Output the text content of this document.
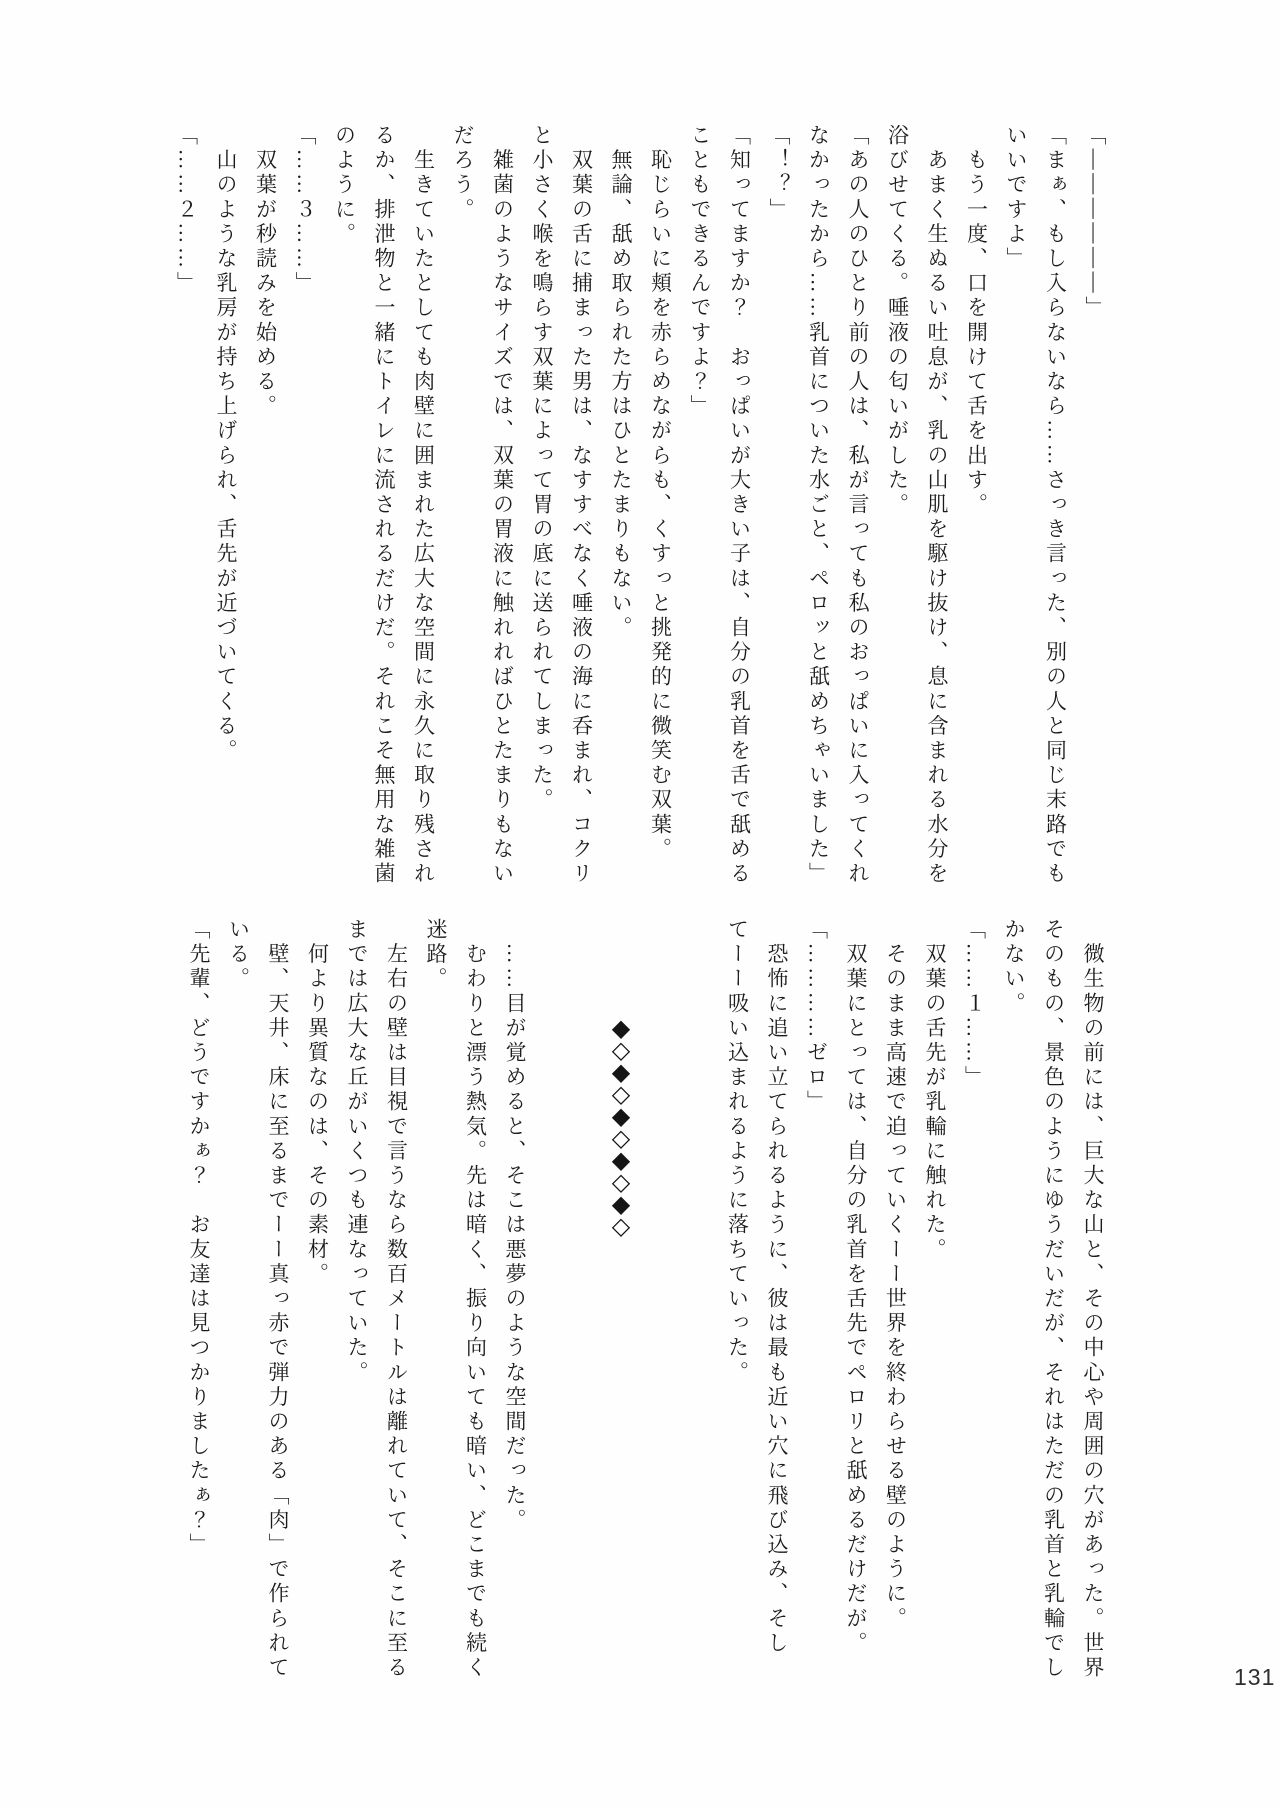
「――――――」

「まぁ、もし入らないなら……さっき言った、別の人と同じ末路でも

いいですよ」

　もう一度、口を開けて舌を出す。

　あまく生ぬるい吐息が、乳の山肌を駆け抜け、息に含まれる水分を

浴びせてくる。唾液の匂いがした。

「あの人のひとり前の人は、私が言っても私のおっぱいに入ってくれ

なかったから……乳首についた水ごと、ペロッと舐めちゃいました」

「！？」

「知ってますか？　おっぱいが大きい子は、自分の乳首を舌で舐める

こともできるんですよ？」

　恥じらいに頬を赤らめながらも、くすっと挑発的に微笑む双葉。

　無論、舐め取られた方はひとたまりもない。

　双葉の舌に捕まった男は、なすすべなく唾液の海に呑まれ、コクリ

と小さく喉を鳴らす双葉によって胃の底に送られてしまった。

　雑菌のようなサイズでは、双葉の胃液に触れればひとたまりもない

だろう。

　生きていたとしても肉壁に囲まれた広大な空間に永久に取り残され

るか、排泄物と一緒にトイレに流されるだけだ。それこそ無用な雑菌

のように。

「……３……」

　双葉が秒読みを始める。

　山のような乳房が持ち上げられ、舌先が近づいてくる。

「……２……」

　微生物の前には、巨大な山と、その中心や周囲の穴があった。世界

そのもの、景色のようにゆうだいだが、それはただの乳首と乳輪でし

かない。

「……１……」

　双葉の舌先が乳輪に触れた。

　そのまま高速で迫っていくーー世界を終わらせる壁のように。

　双葉にとっては、自分の乳首を舌先でペロリと舐めるだけだが。

「…………ゼロ」

　恐怖に追い立てられるように、彼は最も近い穴に飛び込み、そし

てーー吸い込まれるように落ちていった。

◆◇◆◇◆◇◆◇◆◇

　……目が覚めると、そこは悪夢のような空間だった。

　むわりと漂う熱気。先は暗く、振り向いても暗い、どこまでも続く

迷路。

　左右の壁は目視で言うなら数百メートルは離れていて、そこに至る

までは広大な丘がいくつも連なっていた。

　何より異質なのは、その素材。

　壁、天井、床に至るまでーー真っ赤で弾力のある「肉」で作られて

いる。

「先輩、どうですかぁ？　お友達は見つかりましたぁ？」

131
